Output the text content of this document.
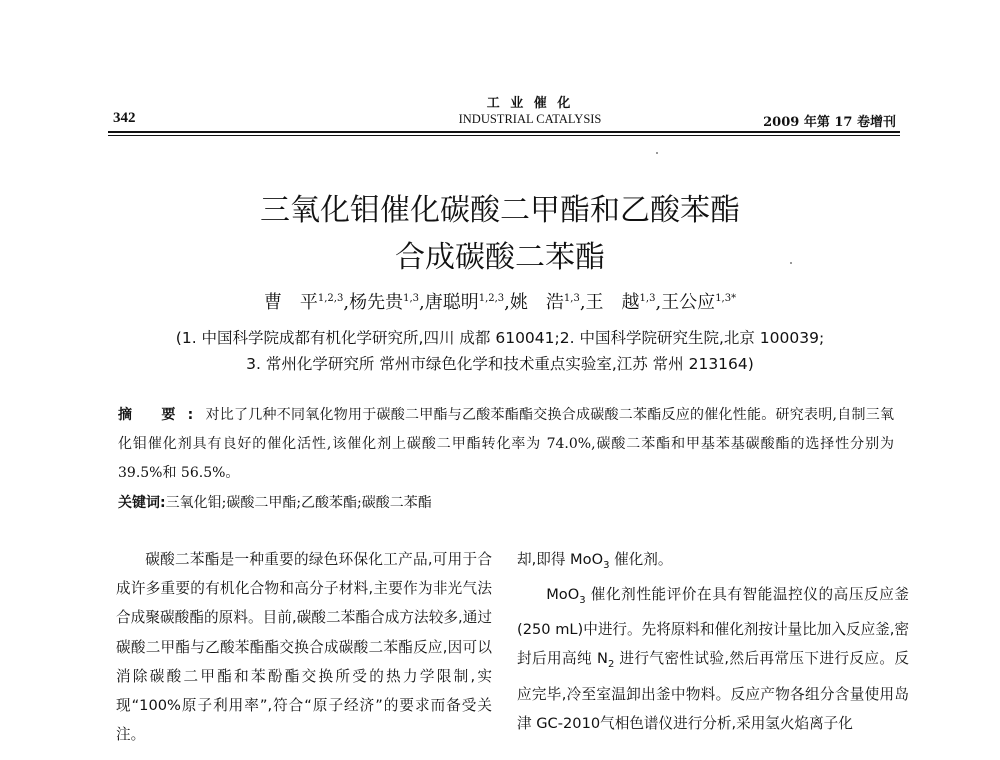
工 业 催 化
INDUSTRIAL CATALYSIS
342	2009 年第 17 卷增刊
三氧化钼催化碳酸二甲酯和乙酸苯酯
合成碳酸二苯酯
曹　平$^{1,2,3}$,杨先贵$^{1,3}$,唐聪明$^{1,2,3}$,姚　浩$^{1,3}$,王　越$^{1,3}$,王公应$^{1,3*}$
(1. 中国科学院成都有机化学研究所,四川 成都 610041;2. 中国科学院研究生院,北京 100039;
3. 常州化学研究所 常州市绿色化学和技术重点实验室,江苏 常州 213164)
摘 要:对比了几种不同氧化物用于碳酸二甲酯与乙酸苯酯酯交换合成碳酸二苯酯反应的催化性能。研究表明,自制三氧化钼催化剂具有良好的催化活性,该催化剂上碳酸二甲酯转化率为 74.0%,碳酸二苯酯和甲基苯基碳酸酯的选择性分别为 39.5%和 56.5%。
关键词:三氧化钼;碳酸二甲酯;乙酸苯酯;碳酸二苯酯

碳酸二苯酯是一种重要的绿色环保化工产品,可用于合成许多重要的有机化合物和高分子材料,主要作为非光气法合成聚碳酸酯的原料。目前,碳酸二苯酯合成方法较多,通过碳酸二甲酯与乙酸苯酯酯交换合成碳酸二苯酯反应,因可以消除碳酸二甲酯和苯酚酯交换所受的热力学限制,实现“100%原子利用率”,符合“原子经济”的要求而备受关注。

却,即得 MoO$_3$ 催化剂。

MoO$_3$ 催化剂性能评价在具有智能温控仪的高压反应釜(250 mL)中进行。先将原料和催化剂按计量比加入反应釜,密封后用高纯 $N_2$ 进行气密性试验,然后再常压下进行反应。反应完毕,冷至室温卸出釜中物料。反应产物各组分含量使用岛津 GC-2010气相色谱仪进行分析,采用氢火焰离子化
